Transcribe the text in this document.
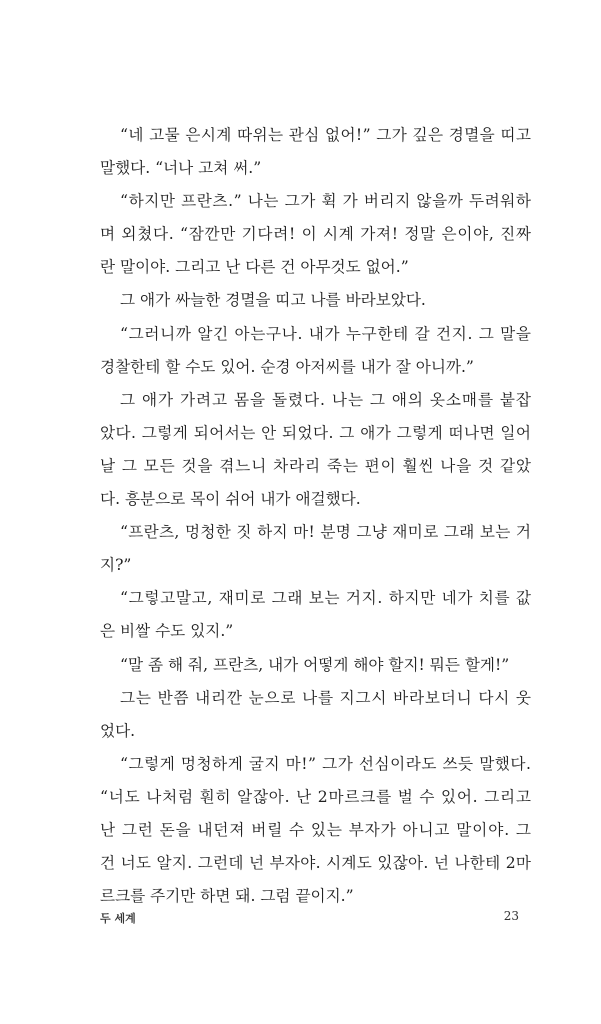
“네 고물 은시계 따위는 관심 없어!” 그가 깊은 경멸을 띠고
말했다. “너나 고쳐 써.”
“하지만 프란츠.” 나는 그가 휙 가 버리지 않을까 두려워하
며 외쳤다. “잠깐만 기다려! 이 시계 가져! 정말 은이야, 진짜
란 말이야. 그리고 난 다른 건 아무것도 없어.”
그 애가 싸늘한 경멸을 띠고 나를 바라보았다.
“그러니까 알긴 아는구나. 내가 누구한테 갈 건지. 그 말을
경찰한테 할 수도 있어. 순경 아저씨를 내가 잘 아니까.”
그 애가 가려고 몸을 돌렸다. 나는 그 애의 옷소매를 붙잡
았다. 그렇게 되어서는 안 되었다. 그 애가 그렇게 떠나면 일어
날 그 모든 것을 겪느니 차라리 죽는 편이 훨씬 나을 것 같았
다. 흥분으로 목이 쉬어 내가 애걸했다.
“프란츠, 멍청한 짓 하지 마! 분명 그냥 재미로 그래 보는 거
지?”
“그렇고말고, 재미로 그래 보는 거지. 하지만 네가 치를 값
은 비쌀 수도 있지.”
“말 좀 해 줘, 프란츠, 내가 어떻게 해야 할지! 뭐든 할게!”
그는 반쯤 내리깐 눈으로 나를 지그시 바라보더니 다시 웃
었다.
“그렇게 멍청하게 굴지 마!” 그가 선심이라도 쓰듯 말했다.
“너도 나처럼 훤히 알잖아. 난 2마르크를 벌 수 있어. 그리고
난 그런 돈을 내던져 버릴 수 있는 부자가 아니고 말이야. 그
건 너도 알지. 그런데 넌 부자야. 시계도 있잖아. 넌 나한테 2마
르크를 주기만 하면 돼. 그럼 끝이지.”
두 세계	23
